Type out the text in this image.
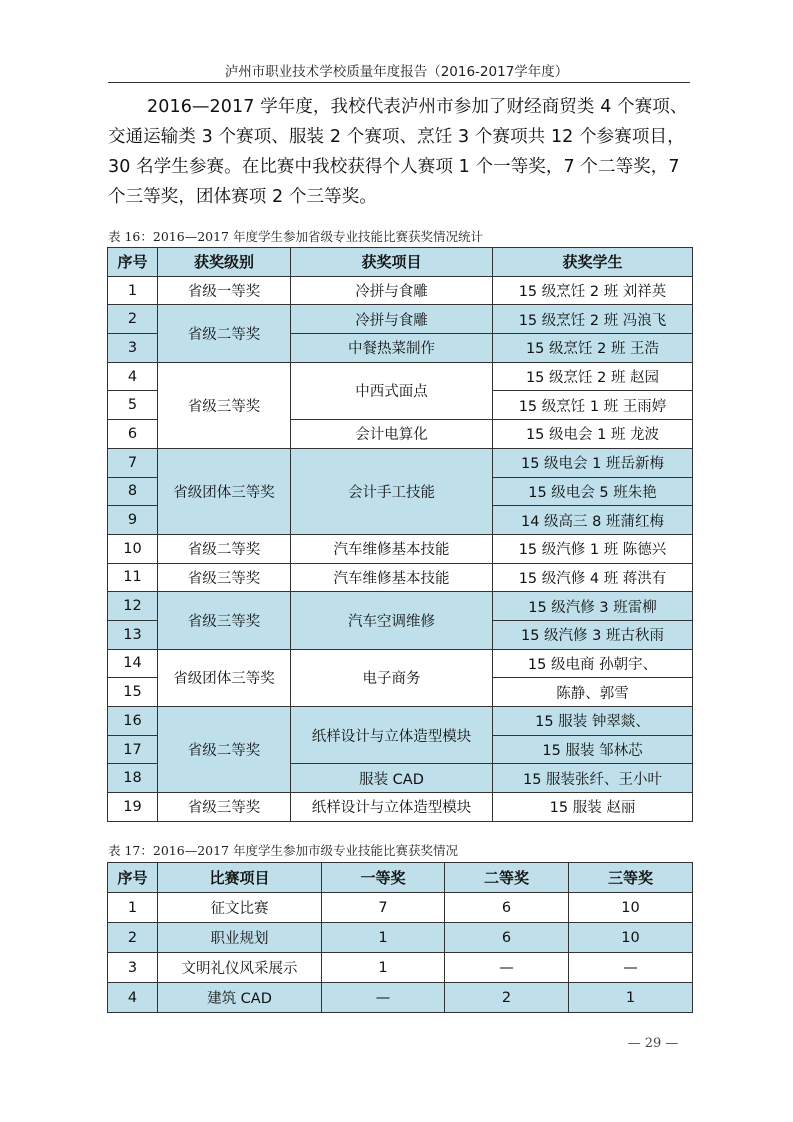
泸州市职业技术学校质量年度报告（2016-2017学年度）
2016—2017 学年度，我校代表泸州市参加了财经商贸类 4 个赛项、交通运输类 3 个赛项、服装 2 个赛项、烹饪 3 个赛项共 12 个参赛项目，30 名学生参赛。在比赛中我校获得个人赛项 1 个一等奖，7 个二等奖，7 个三等奖，团体赛项 2 个三等奖。
表 16：2016—2017 年度学生参加省级专业技能比赛获奖情况统计
序号	获奖级别	获奖项目	获奖学生
1	省级一等奖	冷拼与食雕	15 级烹饪 2 班 刘祥英
2	省级二等奖	冷拼与食雕	15 级烹饪 2 班 冯浪飞
3		中餐热菜制作	15 级烹饪 2 班 王浩
4	省级三等奖	中西式面点	15 级烹饪 2 班 赵园
5			15 级烹饪 1 班 王雨婷
6		会计电算化	15 级电会 1 班 龙波
7	省级团体三等奖	会计手工技能	15 级电会 1 班岳新梅
8			15 级电会 5 班朱艳
9			14 级高三 8 班蒲红梅
10	省级二等奖	汽车维修基本技能	15 级汽修 1 班 陈德兴
11	省级三等奖	汽车维修基本技能	15 级汽修 4 班 蒋洪有
12	省级三等奖	汽车空调维修	15 级汽修 3 班雷柳
13			15 级汽修 3 班古秋雨
14	省级团体三等奖	电子商务	15 级电商 孙朝宇、
15			陈静、郭雪
16	省级二等奖	纸样设计与立体造型模块	15 服装 钟翠燚、
17			15 服装 邹林芯
18		服装 CAD	15 服装张纤、王小叶
19	省级三等奖	纸样设计与立体造型模块	15 服装 赵丽
表 17：2016—2017 年度学生参加市级专业技能比赛获奖情况
序号	比赛项目	一等奖	二等奖	三等奖
1	征文比赛	7	6	10
2	职业规划	1	6	10
3	文明礼仪风采展示	1	—	—
4	建筑 CAD	—	2	1
— 29 —
